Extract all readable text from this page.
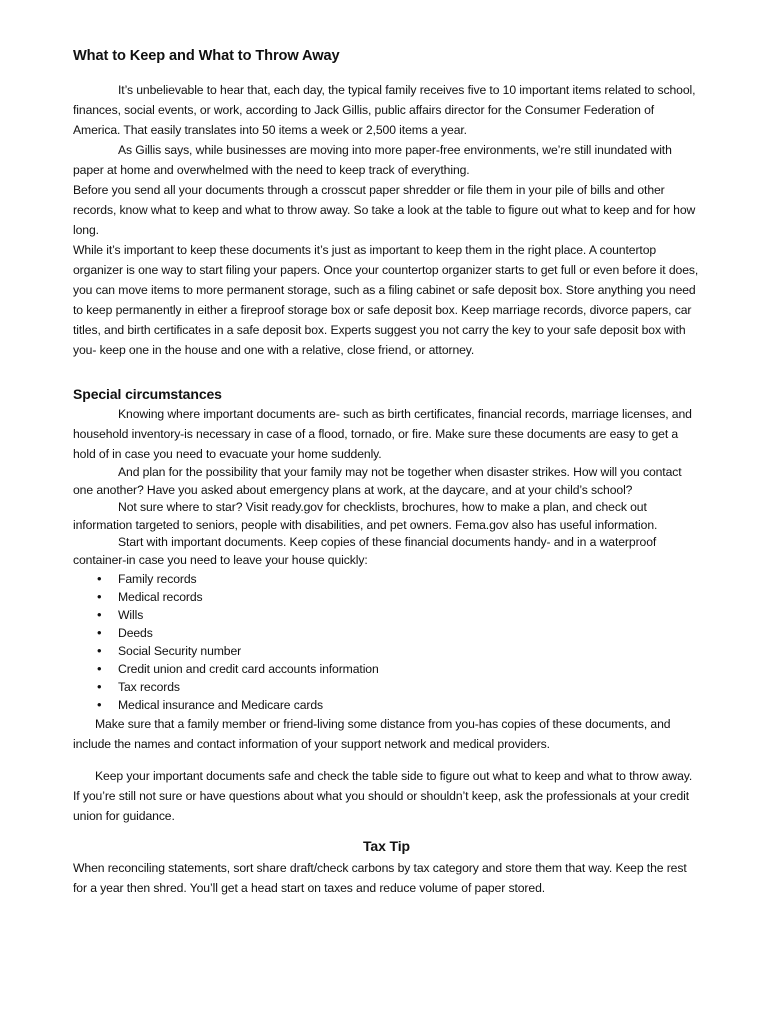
What to Keep and What to Throw Away

It’s unbelievable to hear that, each day, the typical family receives five to 10 important items related to school, finances, social events, or work, according to Jack Gillis, public affairs director for the Consumer Federation of America. That easily translates into 50 items a week or 2,500 items a year.

As Gillis says, while businesses are moving into more paper-free environments, we’re still inundated with paper at home and overwhelmed with the need to keep track of everything.

Before you send all your documents through a crosscut paper shredder or file them in your pile of bills and other records, know what to keep and what to throw away. So take a look at the table to figure out what to keep and for how long.

While it’s important to keep these documents it’s just as important to keep them in the right place. A countertop organizer is one way to start filing your papers. Once your countertop organizer starts to get full or even before it does, you can move items to more permanent storage, such as a filing cabinet or safe deposit box. Store anything you need to keep permanently in either a fireproof storage box or safe deposit box. Keep marriage records, divorce papers, car titles, and birth certificates in a safe deposit box. Experts suggest you not carry the key to your safe deposit box with you- keep one in the house and one with a relative, close friend, or attorney.

Special circumstances

Knowing where important documents are- such as birth certificates, financial records, marriage licenses, and household inventory-is necessary in case of a flood, tornado, or fire. Make sure these documents are easy to get a hold of in case you need to evacuate your home suddenly.

And plan for the possibility that your family may not be together when disaster strikes. How will you contact one another? Have you asked about emergency plans at work, at the daycare, and at your child’s school?

Not sure where to star? Visit ready.gov for checklists, brochures, how to make a plan, and check out information targeted to seniors, people with disabilities, and pet owners. Fema.gov also has useful information.

Start with important documents. Keep copies of these financial documents handy- and in a waterproof container-in case you need to leave your house quickly:

• Family records
• Medical records
• Wills
• Deeds
• Social Security number
• Credit union and credit card accounts information
• Tax records
• Medical insurance and Medicare cards

Make sure that a family member or friend-living some distance from you-has copies of these documents, and include the names and contact information of your support network and medical providers.

Keep your important documents safe and check the table side to figure out what to keep and what to throw away. If you’re still not sure or have questions about what you should or shouldn’t keep, ask the professionals at your credit union for guidance.

Tax Tip

When reconciling statements, sort share draft/check carbons by tax category and store them that way. Keep the rest for a year then shred. You’ll get a head start on taxes and reduce volume of paper stored.
